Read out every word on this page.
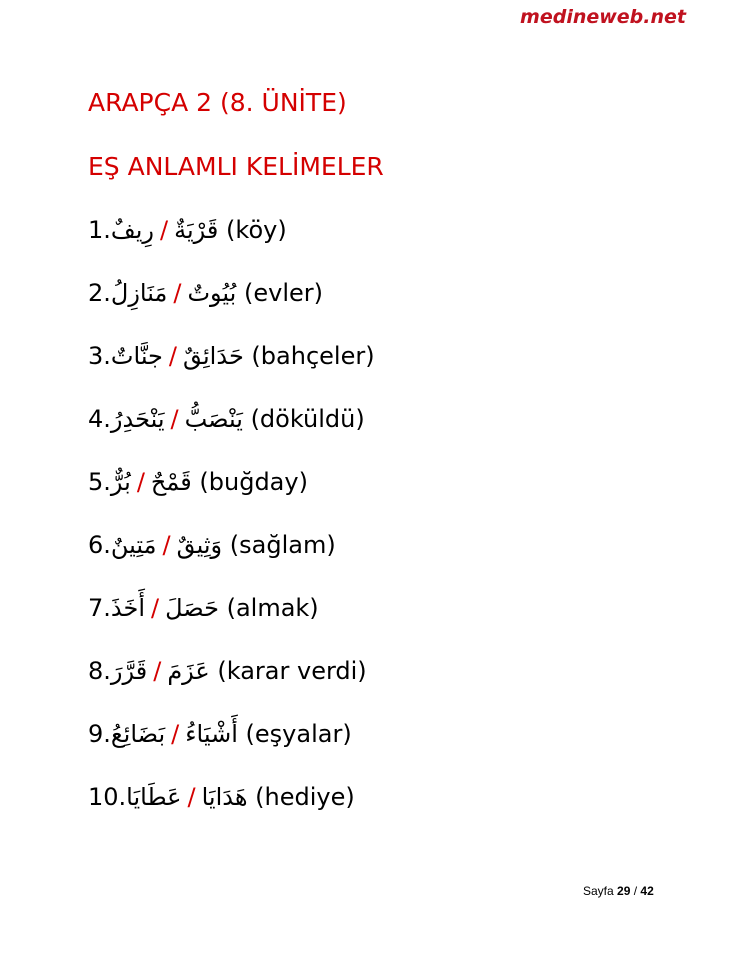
medineweb.net
ARAPÇA 2 (8. ÜNİTE)
EŞ ANLAMLI KELİMELER
1.رِيفٌ / قَرْيَةٌ (köy)
2.مَنَازِلُ / بُيُوتٌ (evler)
3.جنَّاتٌ / حَدَائِقٌ (bahçeler)
4.يَنْحَدِرُ / يَنْصَبُّ (döküldü)
5.بُرٌّ / قَمْحٌ (buğday)
6.مَتِينٌ / وَثِيقٌ (sağlam)
7.أَخَذَ / حَصَلَ (almak)
8.قَرَّرَ / عَزَمَ (karar verdi)
9.بَضَائِعُ / أَشْيَاءُ (eşyalar)
10.عَطَايَا / هَدَايَا (hediye)
Sayfa 29 / 42
